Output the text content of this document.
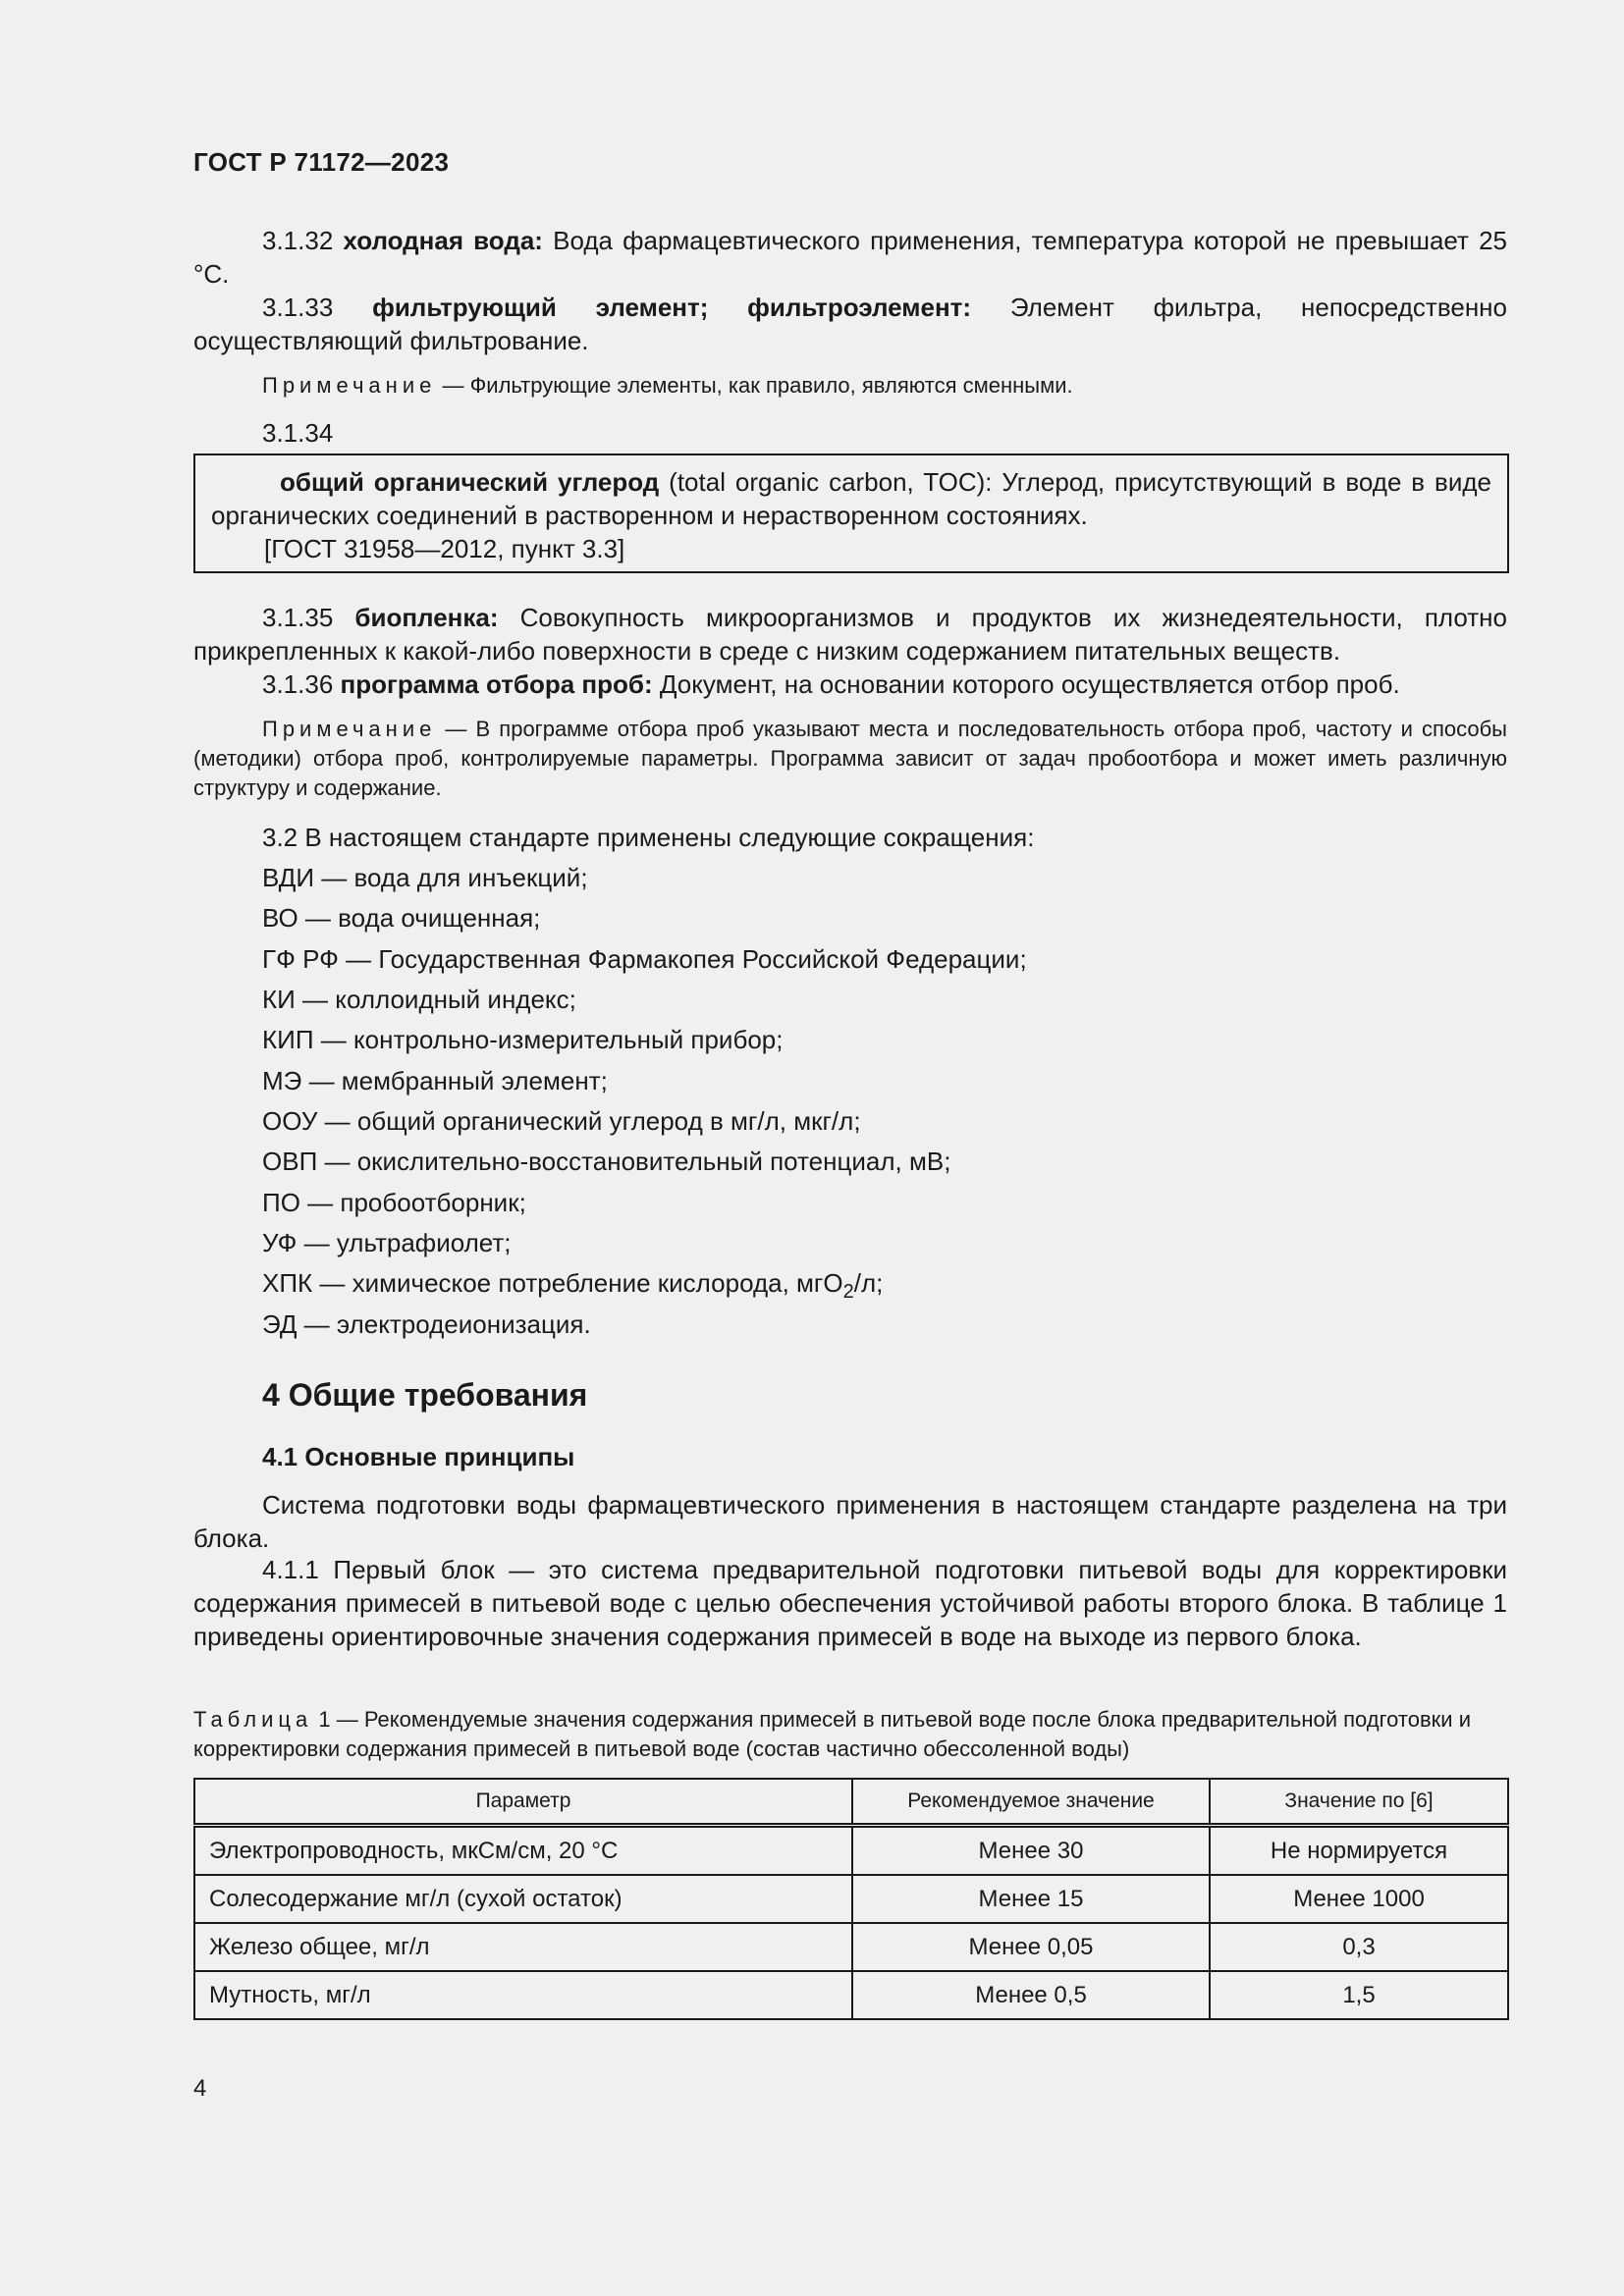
ГОСТ Р 71172—2023
3.1.32 холодная вода: Вода фармацевтического применения, температура которой не превышает 25 °С.
3.1.33 фильтрующий элемент; фильтроэлемент: Элемент фильтра, непосредственно осуществляющий фильтрование.
Примечание — Фильтрующие элементы, как правило, являются сменными.
3.1.34
общий органический углерод (total organic carbon, TOC): Углерод, присутствующий в воде в виде органических соединений в растворенном и нерастворенном состояниях.
[ГОСТ 31958—2012, пункт 3.3]
3.1.35 биопленка: Совокупность микроорганизмов и продуктов их жизнедеятельности, плотно прикрепленных к какой-либо поверхности в среде с низким содержанием питательных веществ.
3.1.36 программа отбора проб: Документ, на основании которого осуществляется отбор проб.
Примечание — В программе отбора проб указывают места и последовательность отбора проб, частоту и способы (методики) отбора проб, контролируемые параметры. Программа зависит от задач пробоотбора и может иметь различную структуру и содержание.
3.2 В настоящем стандарте применены следующие сокращения:
ВДИ — вода для инъекций;
ВО — вода очищенная;
ГФ РФ — Государственная Фармакопея Российской Федерации;
КИ — коллоидный индекс;
КИП — контрольно-измерительный прибор;
МЭ — мембранный элемент;
ООУ — общий органический углерод в мг/л, мкг/л;
ОВП — окислительно-восстановительный потенциал, мВ;
ПО — пробоотборник;
УФ — ультрафиолет;
ХПК — химическое потребление кислорода, мгО$_2$/л;
ЭД — электродеионизация.
4 Общие требования
4.1 Основные принципы
Система подготовки воды фармацевтического применения в настоящем стандарте разделена на три блока.
4.1.1 Первый блок — это система предварительной подготовки питьевой воды для корректировки содержания примесей в питьевой воде с целью обеспечения устойчивой работы второго блока. В таблице 1 приведены ориентировочные значения содержания примесей в воде на выходе из первого блока.
Таблица 1 — Рекомендуемые значения содержания примесей в питьевой воде после блока предварительной подготовки и корректировки содержания примесей в питьевой воде (состав частично обессоленной воды)
Параметр	Рекомендуемое значение	Значение по [6]
Электропроводность, мкСм/см, 20 °С	Менее 30	Не нормируется
Солесодержание мг/л (сухой остаток)	Менее 15	Менее 1000
Железо общее, мг/л	Менее 0,05	0,3
Мутность, мг/л	Менее 0,5	1,5
4
